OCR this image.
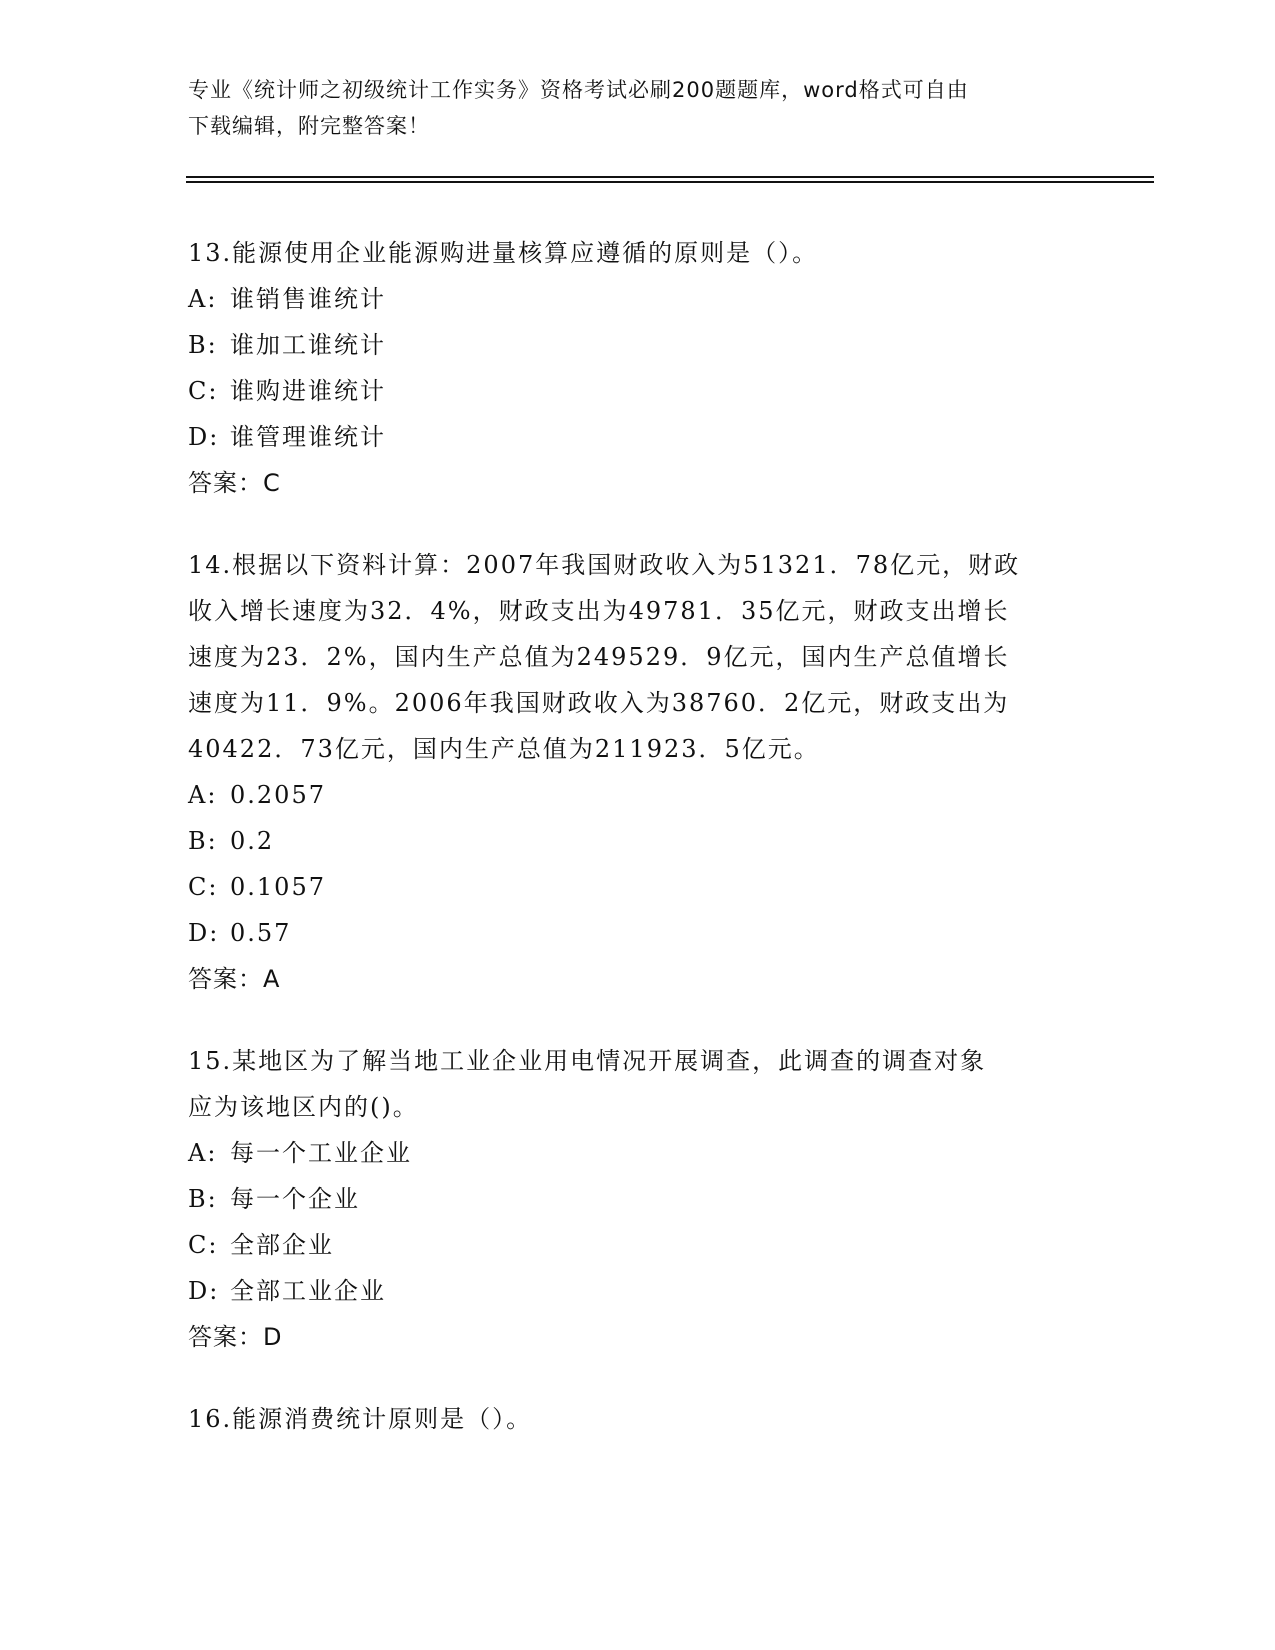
专业《统计师之初级统计工作实务》资格考试必刷200题题库，word格式可自由
下载编辑，附完整答案！

13.能源使用企业能源购进量核算应遵循的原则是（）。

A: 谁销售谁统计

B: 谁加工谁统计

C: 谁购进谁统计

D: 谁管理谁统计

答案：C

14.根据以下资料计算：2007年我国财政收入为51321．78亿元，财政

收入增长速度为32．4%，财政支出为49781．35亿元，财政支出增长

速度为23．2%，国内生产总值为249529．9亿元，国内生产总值增长

速度为11．9%。2006年我国财政收入为38760．2亿元，财政支出为

40422．73亿元，国内生产总值为211923．5亿元。

A: 0.2057

B: 0.2

C: 0.1057

D: 0.57

答案：A

15.某地区为了解当地工业企业用电情况开展调查，此调查的调查对象

应为该地区内的()。

A: 每一个工业企业

B: 每一个企业

C: 全部企业

D: 全部工业企业

答案：D

16.能源消费统计原则是（）。
